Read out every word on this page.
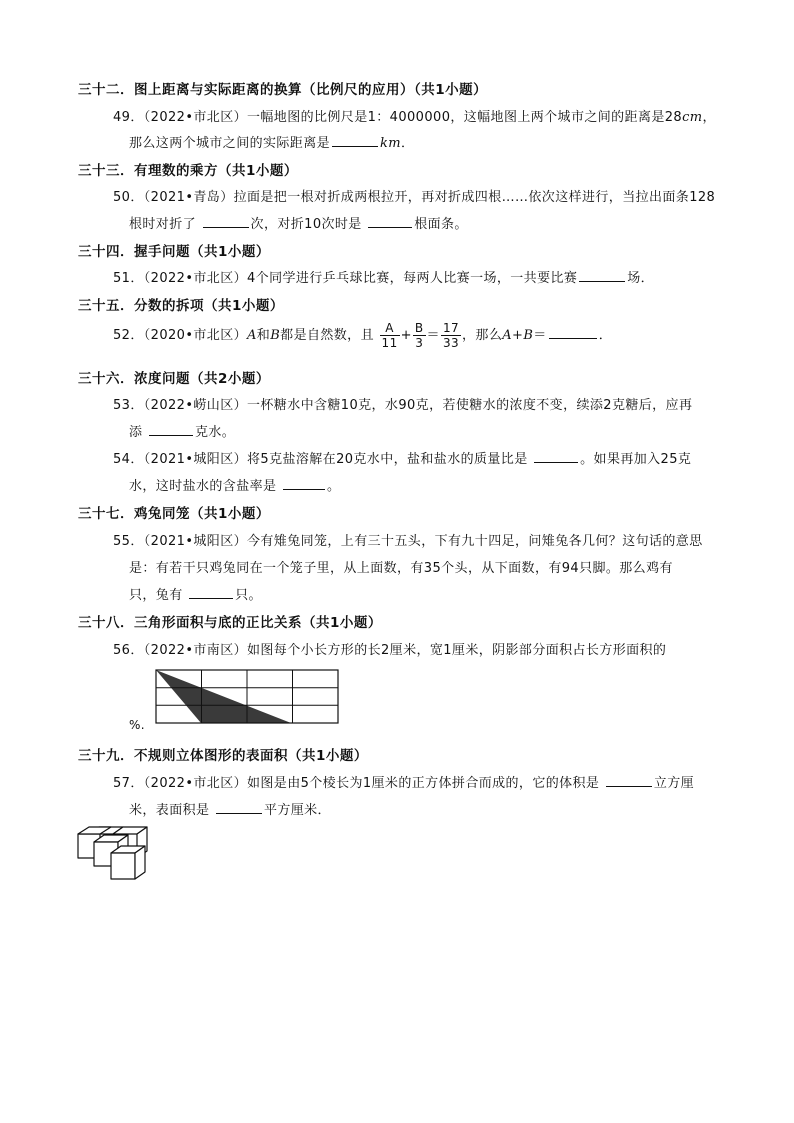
三十二．图上距离与实际距离的换算（比例尺的应用）（共1小题）
49．（2022•市北区）一幅地图的比例尺是1：4000000，这幅地图上两个城市之间的距离是28cm，
那么这两个城市之间的实际距离是	km．
三十三．有理数的乘方（共1小题）
50．（2021•青岛）拉面是把一根对折成两根拉开，再对折成四根……依次这样进行，当拉出面条128
根时对折了	次，对折10次时是	根面条。
三十四．握手问题（共1小题）
51．（2022•市北区）4个同学进行乒乓球比赛，每两人比赛一场，一共要比赛	场．
三十五．分数的拆项（共1小题）
52．（2020•市北区）A和B都是自然数，且 $\frac{A}{11} + \frac{B}{3} = \frac{17}{33}$ ，那么A+B＝	．
三十六．浓度问题（共2小题）
53．（2022•崂山区）一杯糖水中含糖10克，水90克，若使糖水的浓度不变，续添2克糖后，应再
添	克水。
54．（2021•城阳区）将5克盐溶解在20克水中，盐和盐水的质量比是	。如果再加入25克
水，这时盐水的含盐率是	。
三十七．鸡兔同笼（共1小题）
55．（2021•城阳区）今有雉兔同笼，上有三十五头，下有九十四足，问雉兔各几何？这句话的意思
是：有若干只鸡兔同在一个笼子里，从上面数，有35个头，从下面数，有94只脚。那么鸡有
只，兔有	只。
三十八．三角形面积与底的正比关系（共1小题）
56．（2022•市南区）如图每个小长方形的长2厘米，宽1厘米，阴影部分面积占长方形面积的
%.
三十九．不规则立体图形的表面积（共1小题）
57．（2022•市北区）如图是由5个棱长为1厘米的正方体拼合而成的，它的体积是	立方厘
米，表面积是	平方厘米．
